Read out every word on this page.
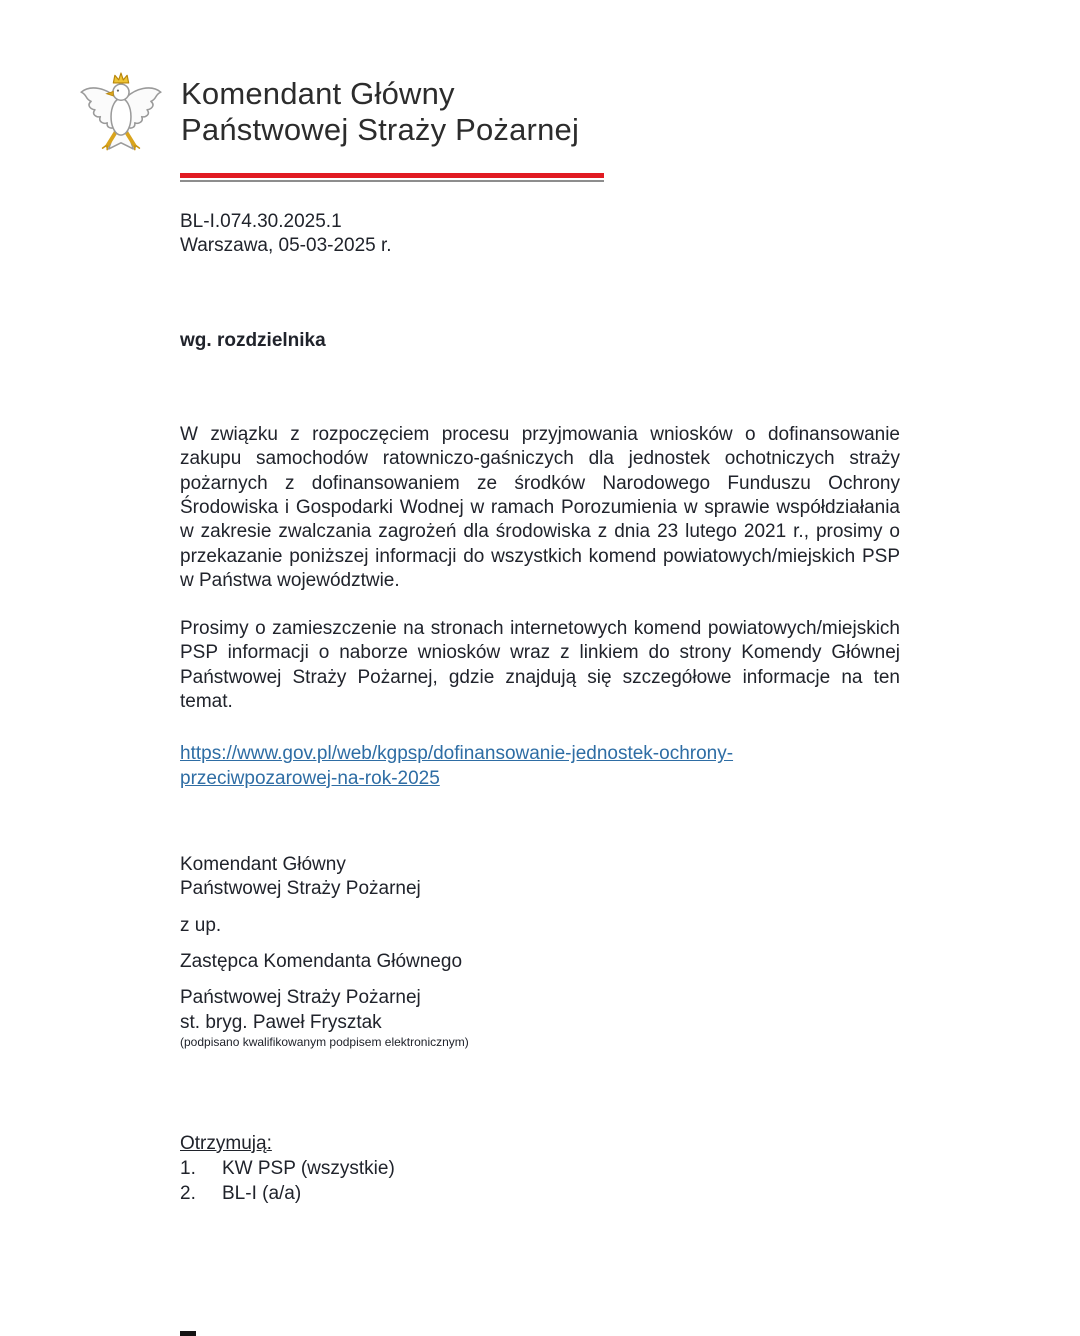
Komendant Główny
Państwowej Straży Pożarnej
BL-I.074.30.2025.1
Warszawa, 05-03-2025 r.
wg. rozdzielnika

W związku z rozpoczęciem procesu przyjmowania wniosków o dofinansowanie zakupu samochodów ratowniczo-gaśniczych dla jednostek ochotniczych straży pożarnych z dofinansowaniem ze środków Narodowego Funduszu Ochrony Środowiska i Gospodarki Wodnej w ramach Porozumienia w sprawie współdziałania w zakresie zwalczania zagrożeń dla środowiska z dnia 23 lutego 2021 r., prosimy o przekazanie poniższej informacji do wszystkich komend powiatowych/miejskich PSP w Państwa województwie.

Prosimy o zamieszczenie na stronach internetowych komend powiatowych/miejskich PSP informacji o naborze wniosków wraz z linkiem do strony Komendy Głównej Państwowej Straży Pożarnej, gdzie znajdują się szczegółowe informacje na ten temat.

https://www.gov.pl/web/kgpsp/dofinansowanie-jednostek-ochrony-przeciwpozarowej-na-rok-2025
Komendant Główny
Państwowej Straży Pożarnej
z up.
Zastępca Komendanta Głównego
Państwowej Straży Pożarnej
st. bryg. Paweł Frysztak
(podpisano kwalifikowanym podpisem elektronicznym)
Otrzymują:
1.	KW PSP (wszystkie)
2.	BL-I (a/a)
